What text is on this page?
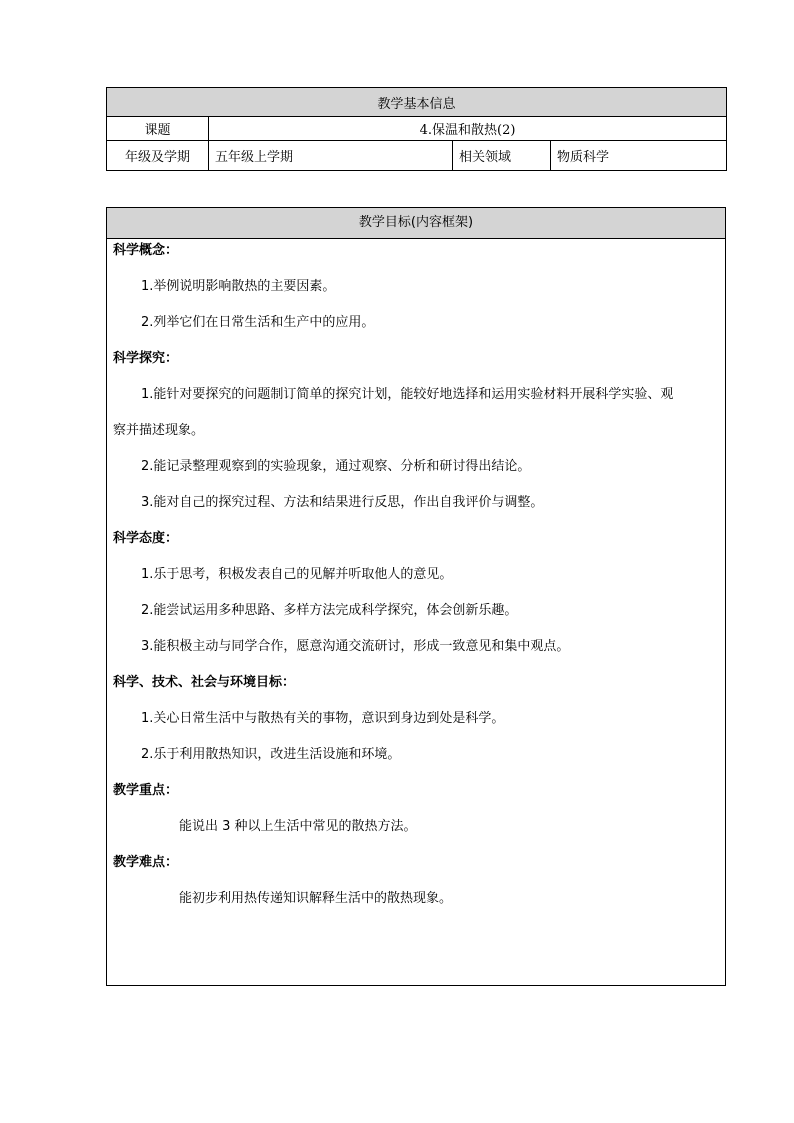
教学基本信息			
课题	4.保温和散热(2)		
年级及学期	五年级上学期	相关领域	物质科学
教学目标(内容框架)
科学概念：
1.举例说明影响散热的主要因素。
2.列举它们在日常生活和生产中的应用。
科学探究：
1.能针对要探究的问题制订简单的探究计划，能较好地选择和运用实验材料开展科学实验、观
察并描述现象。
2.能记录整理观察到的实验现象，通过观察、分析和研讨得出结论。
3.能对自己的探究过程、方法和结果进行反思，作出自我评价与调整。
科学态度：
1.乐于思考，积极发表自己的见解并听取他人的意见。
2.能尝试运用多种思路、多样方法完成科学探究，体会创新乐趣。
3.能积极主动与同学合作，愿意沟通交流研讨，形成一致意见和集中观点。
科学、技术、社会与环境目标：
1.关心日常生活中与散热有关的事物，意识到身边到处是科学。
2.乐于利用散热知识，改进生活设施和环境。
教学重点：
能说出 3 种以上生活中常见的散热方法。
教学难点：
能初步利用热传递知识解释生活中的散热现象。
